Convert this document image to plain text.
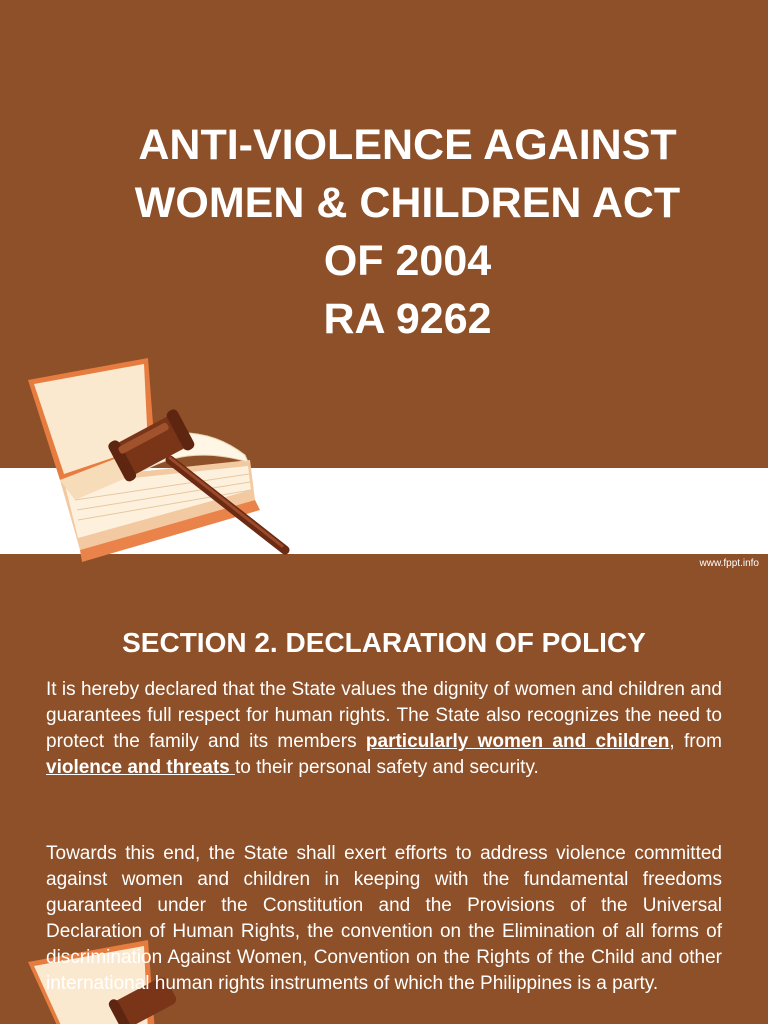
ANTI-VIOLENCE AGAINST
WOMEN & CHILDREN ACT
OF 2004
RA 9262
www.fppt.info
SECTION 2. DECLARATION OF POLICY

It is hereby declared that the State values the dignity of women and children and guarantees full respect for human rights. The State also recognizes the need to protect the family and its members particularly women and children, from violence and threats to their personal safety and security.

Towards this end, the State shall exert efforts to address violence committed against women and children in keeping with the fundamental freedoms guaranteed under the Constitution and the Provisions of the Universal Declaration of Human Rights, the convention on the Elimination of all forms of discrimination Against Women, Convention on the Rights of the Child and other international human rights instruments of which the Philippines is a party.
